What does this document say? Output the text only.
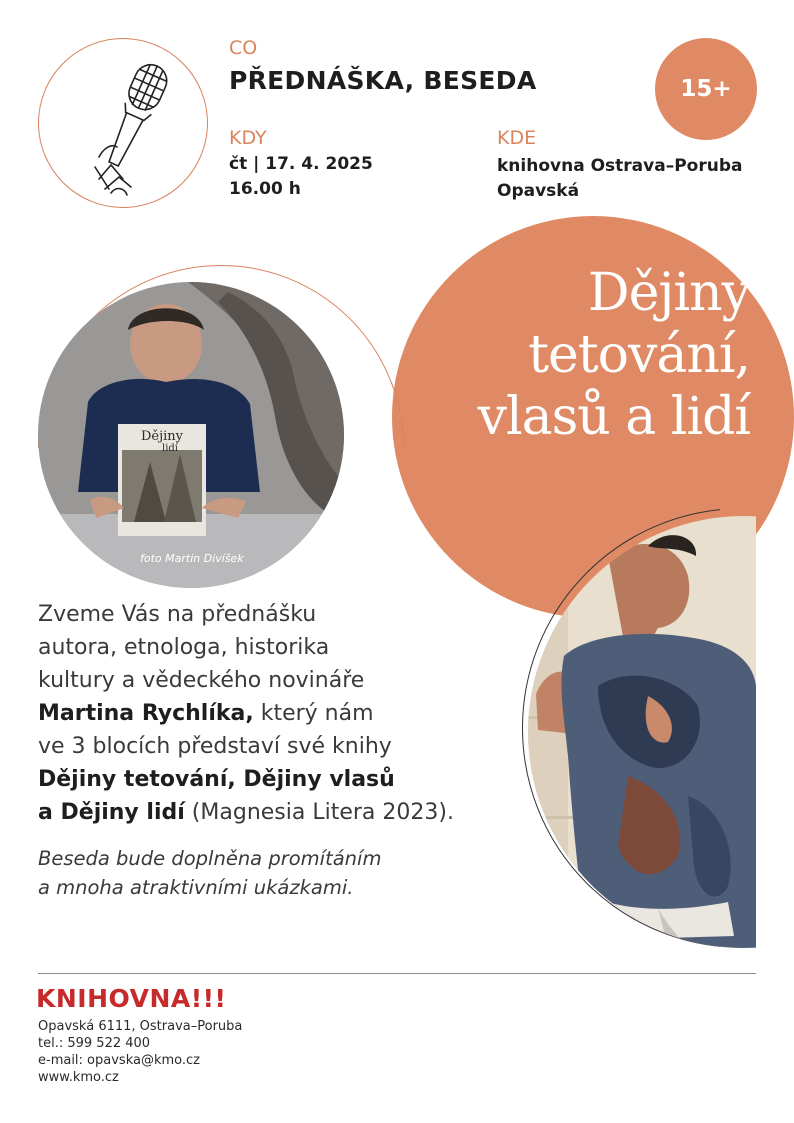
CO
PŘEDNÁŠKA, BESEDA
KDY
čt | 17. 4. 2025
16.00 h
KDE
knihovna Ostrava–Poruba
Opavská
15+
Dějiny
tetování,
vlasů a lidí
Dějiny
lidí
foto Martin Divíšek
Zveme Vás na přednášku
autora, etnologa, historika
kultury a vědeckého novináře
Martina Rychlíka, který nám
ve 3 blocích představí své knihy
Dějiny tetování, Dějiny vlasů
a Dějiny lidí (Magnesia Litera 2023).
Beseda bude doplněna promítáním
a mnoha atraktivními ukázkami.
KNIHOVNA!!!
Opavská 6111, Ostrava–Poruba
tel.: 599 522 400
e-mail: opavska@kmo.cz
www.kmo.cz
